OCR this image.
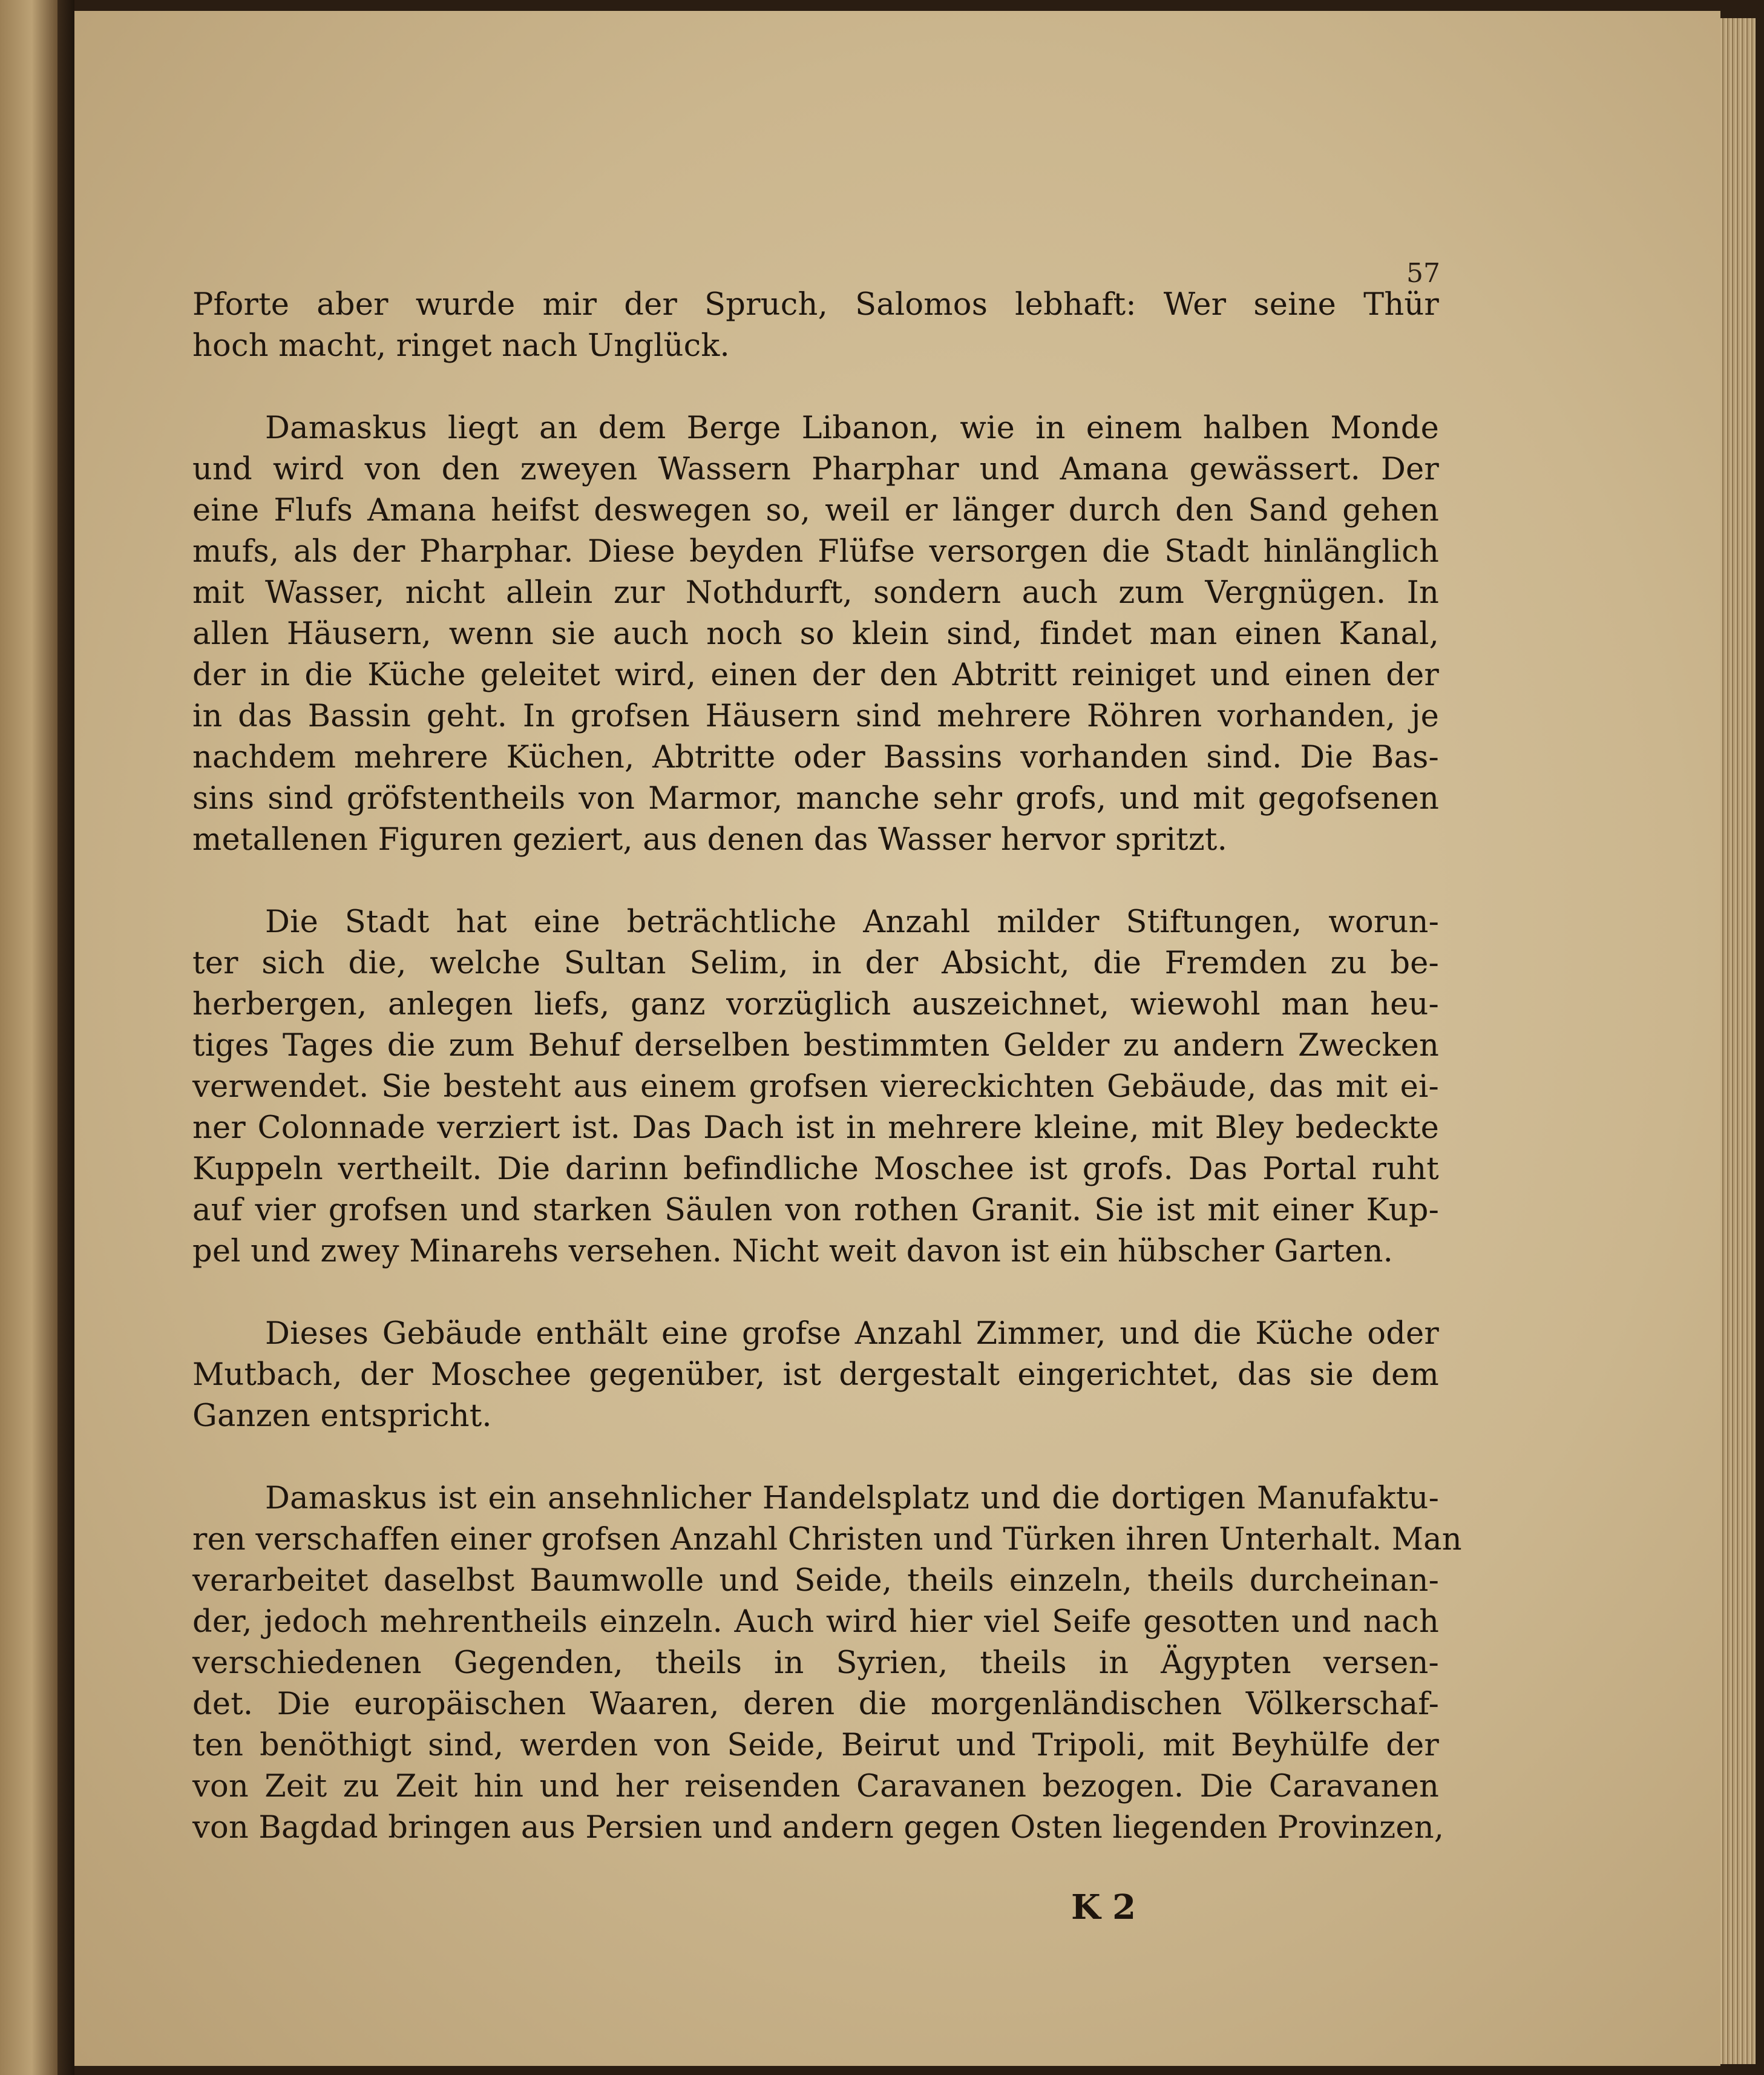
57
Pforte aber wurde mir der Spruch, Salomos lebhaft: Wer seine Thür
hoch macht, ringet nach Unglück.
Damaskus liegt an dem Berge Libanon, wie in einem halben Monde
und wird von den zweyen Wassern Pharphar und Amana gewässert. Der
eine Flufs Amana heifst deswegen so, weil er länger durch den Sand gehen
mufs, als der Pharphar. Diese beyden Flüfse versorgen die Stadt hinlänglich
mit Wasser, nicht allein zur Nothdurft, sondern auch zum Vergnügen. In
allen Häusern, wenn sie auch noch so klein sind, findet man einen Kanal,
der in die Küche geleitet wird, einen der den Abtritt reiniget und einen der
in das Bassin geht. In grofsen Häusern sind mehrere Röhren vorhanden, je
nachdem mehrere Küchen, Abtritte oder Bassins vorhanden sind. Die Bas-
sins sind gröfstentheils von Marmor, manche sehr grofs, und mit gegofsenen
metallenen Figuren geziert, aus denen das Wasser hervor spritzt.
Die Stadt hat eine beträchtliche Anzahl milder Stiftungen, worun-
ter sich die, welche Sultan Selim, in der Absicht, die Fremden zu be-
herbergen, anlegen liefs, ganz vorzüglich auszeichnet, wiewohl man heu-
tiges Tages die zum Behuf derselben bestimmten Gelder zu andern Zwecken
verwendet. Sie besteht aus einem grofsen viereckichten Gebäude, das mit ei-
ner Colonnade verziert ist. Das Dach ist in mehrere kleine, mit Bley bedeckte
Kuppeln vertheilt. Die darinn befindliche Moschee ist grofs. Das Portal ruht
auf vier grofsen und starken Säulen von rothen Granit. Sie ist mit einer Kup-
pel und zwey Minarehs versehen. Nicht weit davon ist ein hübscher Garten.
Dieses Gebäude enthält eine grofse Anzahl Zimmer, und die Küche oder
Mutbach, der Moschee gegenüber, ist dergestalt eingerichtet, das sie dem
Ganzen entspricht.
Damaskus ist ein ansehnlicher Handelsplatz und die dortigen Manufaktu-
ren verschaffen einer grofsen Anzahl Christen und Türken ihren Unterhalt. Man
verarbeitet daselbst Baumwolle und Seide, theils einzeln, theils durcheinan-
der, jedoch mehrentheils einzeln. Auch wird hier viel Seife gesotten und nach
verschiedenen Gegenden, theils in Syrien, theils in Ägypten versen-
det. Die europäischen Waaren, deren die morgenländischen Völkerschaf-
ten benöthigt sind, werden von Seide, Beirut und Tripoli, mit Beyhülfe der
von Zeit zu Zeit hin und her reisenden Caravanen bezogen. Die Caravanen
von Bagdad bringen aus Persien und andern gegen Osten liegenden Provinzen,
K 2
